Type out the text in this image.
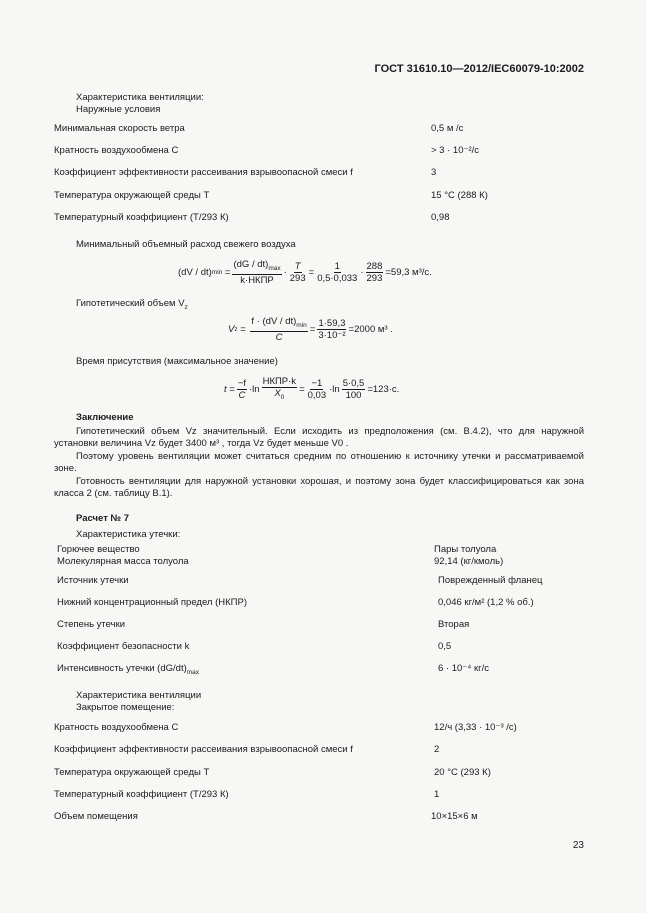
ГОСТ 31610.10—2012/IEC60079-10:2002
Характеристика вентиляции:
Наружные условия
Минимальная скорость ветра	0,5 м /с
Кратность воздухообмена C	> 3 · 10⁻²/с
Коэффициент эффективности рассеивания взрывоопасной смеси f	3
Температура окружающей среды T	15 °С (288 К)
Температурный коэффициент (T/293 К)	0,98
Минимальный объемный расход свежего воздуха
(dV / dt) $\min = \frac{(dG / dt)_{max}}{\text{k·НКПР}} \cdot \frac{T}{293} = \frac{1}{0,5\cdot 0,033} \cdot \frac{288}{293} =59,3$ м³/с.
Гипотетический объем $V_z$
V $z = \frac{f \cdot (dV / dt)_{min}}{C} = \frac{1\cdot 59,3}{\text{3·10⁻²}} =2000$ м³ .
Время присутствия (максимальное значение)
$t = \frac{-f}{C} \cdot\ln \frac{\text{НКПР·k}}{X_0} = \frac{-1}{0,03} \cdot\ln \frac{5\cdot 0,5}{100} =123\cdot c$.
Заключение
Гипотетический объем Vz значительный. Если исходить из предположения (см. В.4.2), что для наружной установки величина Vz будет 3400 м³ , тогда Vz будет меньше V0 .
Поэтому уровень вентиляции может считаться средним по отношению к источнику утечки и рассматриваемой зоне.
Готовность вентиляции для наружной установки хорошая, и поэтому зона будет классифицироваться как зона класса 2 (см. таблицу В.1).
Расчет № 7
Характеристика утечки:
Горючее вещество	Пары толуола
Молекулярная масса толуола	92,14 (кг/кмоль)
Источник утечки	Поврежденный фланец
Нижний концентрационный предел (НКПР)	0,046 кг/м² (1,2 % об.)
Степень утечки	Вторая
Коэффициент безопасности k	0,5
Интенсивность утечки $(dG/dt)_{max}$	6 · 10⁻⁴ кг/с
Характеристика вентиляции
Закрытое помещение:
Кратность воздухообмена C	12/ч (3,33 · 10⁻³ /с)
Коэффициент эффективности рассеивания взрывоопасной смеси f	2
Температура окружающей среды T	20 °С (293 К)
Температурный коэффициент (T/293 К)	1
Объем помещения	10×15×6 м
23
